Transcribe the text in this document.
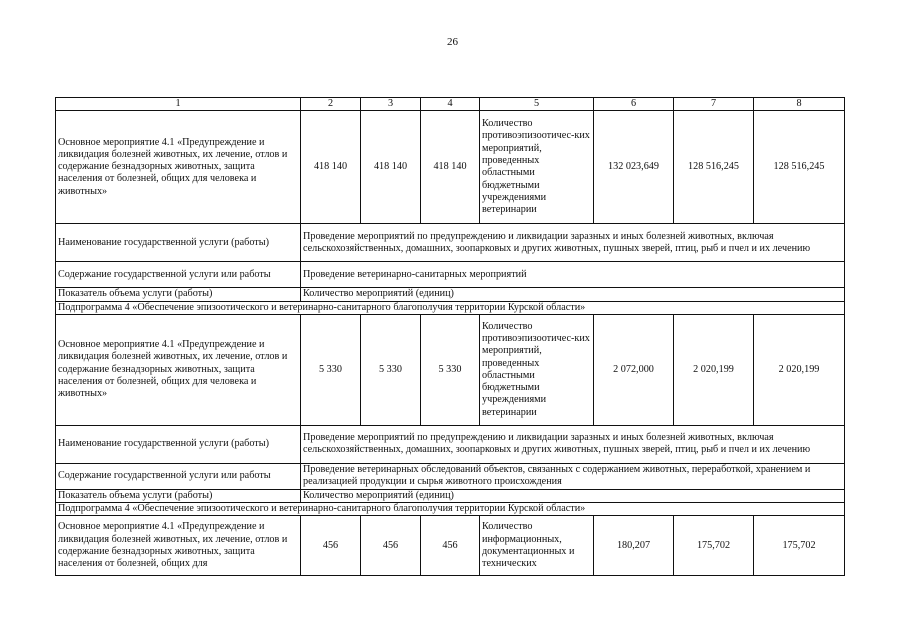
26
1	2	3	4	5	6	7	8
Основное мероприятие 4.1 «Предупреждение и ликвидация болезней животных, их лечение, отлов и содержание безнадзорных животных, защита населения от болезней, общих для человека и животных»	418 140	418 140	418 140	Количество противоэпизоотичес-ких мероприятий, проведенных областными бюджетными учреждениями ветеринарии	132 023,649	128 516,245	128 516,245
Наименование государственной услуги (работы)	Проведение мероприятий по предупреждению и ликвидации заразных и иных болезней животных, включая сельскохозяйственных, домашних, зоопарковых и других животных, пушных зверей, птиц, рыб и пчел и их лечению						
Содержание государственной услуги или работы	Проведение ветеринарно-санитарных мероприятий						
Показатель объема услуги (работы)	Количество мероприятий (единиц)						
Подпрограмма 4 «Обеспечение эпизоотического и ветеринарно-санитарного благополучия территории Курской области»							
Основное мероприятие 4.1 «Предупреждение и ликвидация болезней животных, их лечение, отлов и содержание безнадзорных животных, защита населения от болезней, общих для человека и животных»	5 330	5 330	5 330	Количество противоэпизоотичес-ких мероприятий, проведенных областными бюджетными учреждениями ветеринарии	2 072,000	2 020,199	2 020,199
Наименование государственной услуги (работы)	Проведение мероприятий по предупреждению и ликвидации заразных и иных болезней животных, включая сельскохозяйственных, домашних, зоопарковых и других животных, пушных зверей, птиц, рыб и пчел и их лечению						
Содержание государственной услуги или работы	Проведение ветеринарных обследований объектов, связанных с содержанием животных, переработкой, хранением и реализацией продукции и сырья животного происхождения						
Показатель объема услуги (работы)	Количество мероприятий (единиц)						
Подпрограмма 4 «Обеспечение эпизоотического и ветеринарно-санитарного благополучия территории Курской области»							
Основное мероприятие 4.1 «Предупреждение и ликвидация болезней животных, их лечение, отлов и содержание безнадзорных животных, защита населения от болезней, общих для	456	456	456	Количество информационных, документационных и технических	180,207	175,702	175,702
